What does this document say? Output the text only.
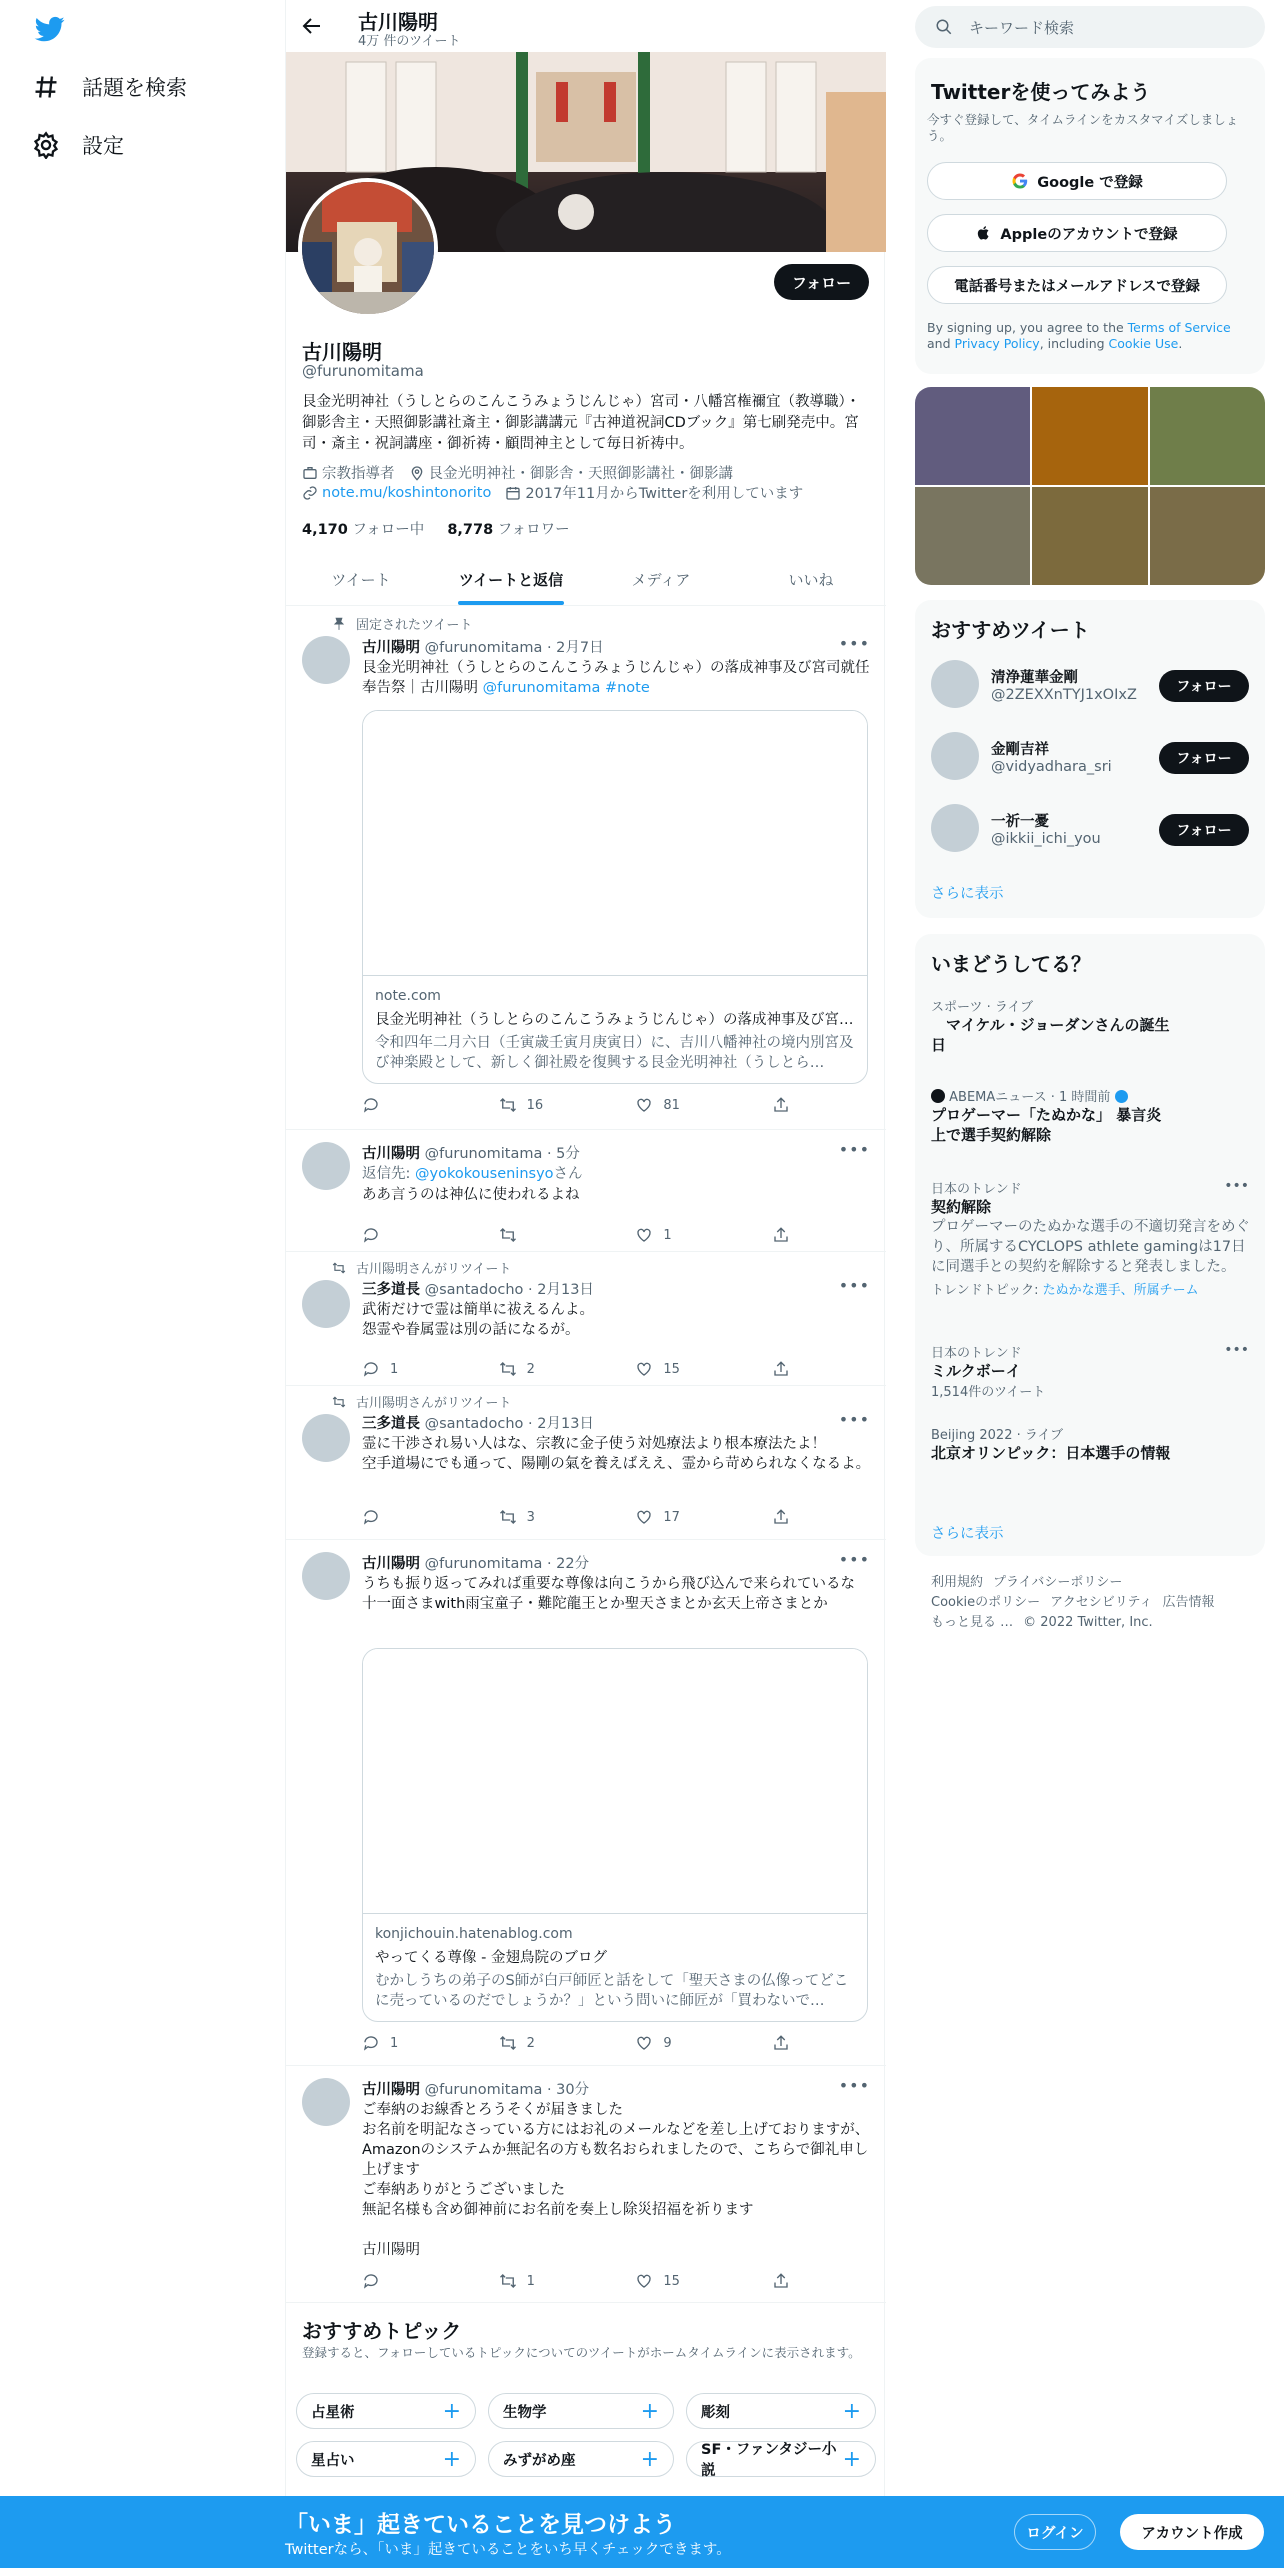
話題を検索
設定
古川陽明
4万 件のツイート
フォロー
古川陽明
@furunomitama
艮金光明神社（うしとらのこんこうみょうじんじゃ）宮司・八幡宮権禰宜（教導職）・御影舎主・天照御影講社斎主・御影講講元『古神道祝詞CDブック』第七刷発売中。宮司・斎主・祝詞講座・御祈祷・顧問神主として毎日祈祷中。
宗教指導者 艮金光明神社・御影舎・天照御影講社・御影講
note.mu/koshintonorito 2017年11月からTwitterを利用しています
4,170 フォロー中 8,778 フォロワー
ツイート	ツイートと返信	メディア	いいね
固定されたツイート
古川陽明 @furunomitama · 2月7日	•••
艮金光明神社（うしとらのこんこうみょうじんじゃ）の落成神事及び宮司就任奉告祭｜古川陽明 @furunomitama #note
note.com
艮金光明神社（うしとらのこんこうみょうじんじゃ）の落成神事及び宮…
令和四年二月六日（壬寅歳壬寅月庚寅日）に、吉川八幡神社の境内別宮及び神楽殿として、新しく御社殿を復興する艮金光明神社（うしとら…
16	81
古川陽明 @furunomitama · 5分	•••
返信先: @yokokouseninsyoさん
ああ言うのは神仏に使われるよね
1
古川陽明さんがリツイート
三多道長 @santadocho · 2月13日	•••
武術だけで霊は簡単に祓えるんよ。
怨霊や眷属霊は別の話になるが。
1	2	15
古川陽明さんがリツイート
三多道長 @santadocho · 2月13日	•••
霊に干渉され易い人はな、宗教に金子使う対処療法より根本療法たよ！
空手道場にでも通って、陽剛の氣を養えばええ、霊から苛められなくなるよ。
3	17
古川陽明 @furunomitama · 22分	•••
うちも振り返ってみれば重要な尊像は向こうから飛び込んで来られているな
十一面さまwith雨宝童子・難陀龍王とか聖天さまとか玄天上帝さまとか
konjichouin.hatenablog.com
やってくる尊像 - 金翅鳥院のブログ
むかしうちの弟子のS師が白戸師匠と話をして「聖天さまの仏像ってどこに売っているのだでしょうか？」という問いに師匠が「買わないで…
1	2	9
古川陽明 @furunomitama · 30分	•••
ご奉納のお線香とろうそくが届きました
お名前を明記なさっている方にはお礼のメールなどを差し上げておりますが、Amazonのシステムか無記名の方も数名おられましたので、こちらで御礼申し上げます
ご奉納ありがとうございました
無記名様も含め御神前にお名前を奏上し除災招福を祈ります

古川陽明
1	15
おすすめトピック

登録すると、フォローしているトピックについてのツイートがホームタイムラインに表示されます。

占星術	+	生物学	+	彫刻	+
星占い	+	みずがめ座	+	SF・ファンタジー小説	+
キーワード検索
Twitterを使ってみよう
今すぐ登録して、タイムラインをカスタマイズしましょう。
Google で登録
Appleのアカウントで登録
電話番号またはメールアドレスで登録
By signing up, you agree to the Terms of Service and Privacy Policy, including Cookie Use.
おすすめツイート
清浄蓮華金剛
@2ZEXXnTYJ1xOIxZ	フォロー
金剛吉祥
@vidyadhara_sri	フォロー
一祈一憂
@ikkii_ichi_you	フォロー
さらに表示
いまどうしてる？
スポーツ · ライブ
　マイケル・ジョーダンさんの誕生日
ABEMAニュース · 1 時間前
プロゲーマー「たぬかな」 暴言炎上で選手契約解除
日本のトレンド
契約解除
プロゲーマーのたぬかな選手の不適切発言をめぐり、所属するCYCLOPS athlete gamingは17日に同選手との契約を解除すると発表しました。
トレンドトピック: たぬかな選手、所属チーム
•••
日本のトレンド
ミルクボーイ
1,514件のツイート
•••
Beijing 2022 · ライブ
北京オリンピック：日本選手の情報
さらに表示
利用規約 プライバシーポリシー
Cookieのポリシー アクセシビリティ 広告情報
もっと見る … © 2022 Twitter, Inc.
「いま」起きていることを見つけよう
Twitterなら、「いま」起きていることをいち早くチェックできます。
ログイン	アカウント作成
